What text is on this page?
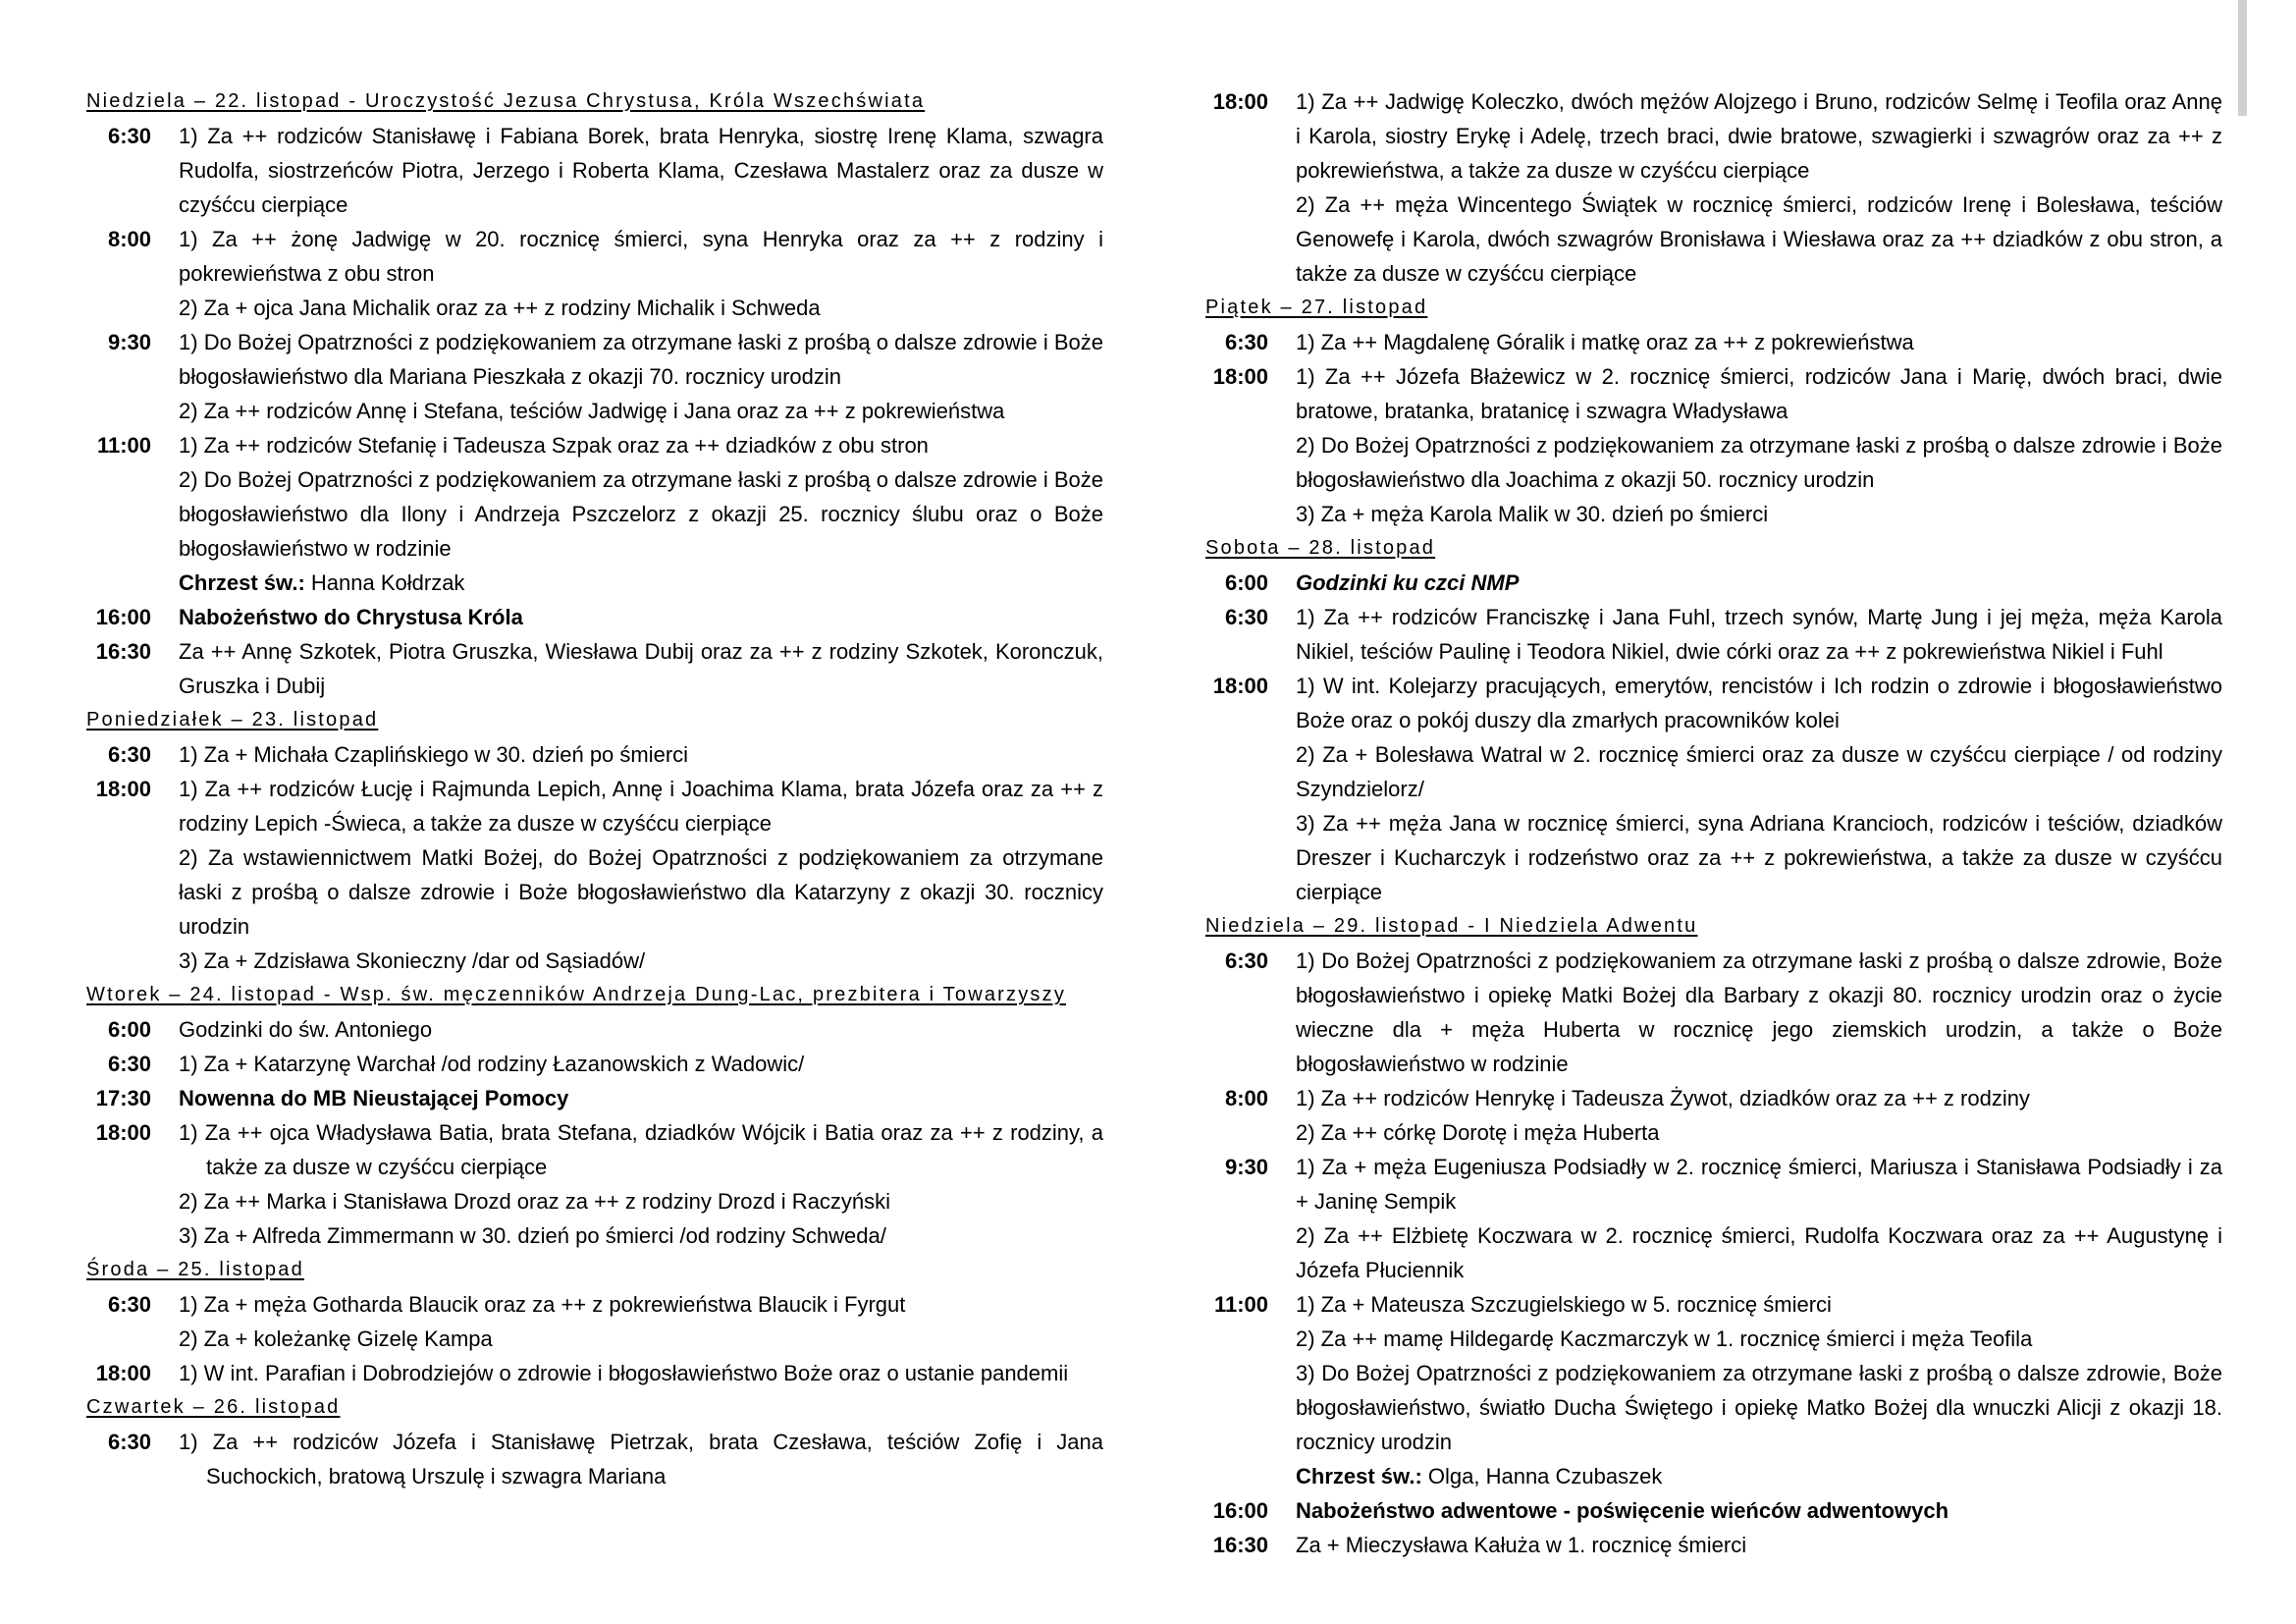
Niedziela – 22. listopad - Uroczystość Jezusa Chrystusa, Króla Wszechświata
6:30	1) Za ++ rodziców Stanisławę i Fabiana Borek, brata Henryka, siostrę Irenę Klama, szwagra Rudolfa, siostrzeńców Piotra, Jerzego i Roberta Klama, Czesława Mastalerz oraz za dusze w czyśćcu cierpiące
8:00	1) Za ++ żonę Jadwigę w 20. rocznicę śmierci, syna Henryka oraz za ++ z rodziny i pokrewieństwa z obu stron
2) Za + ojca Jana Michalik oraz za ++ z rodziny Michalik i Schweda
9:30	1) Do Bożej Opatrzności z podziękowaniem za otrzymane łaski z prośbą o dalsze zdrowie i Boże błogosławieństwo dla Mariana Pieszkała z okazji 70. rocznicy urodzin
2) Za ++ rodziców Annę i Stefana, teściów Jadwigę i Jana oraz za ++ z pokrewieństwa
11:00	1) Za ++ rodziców Stefanię i Tadeusza Szpak oraz za ++ dziadków z obu stron
2) Do Bożej Opatrzności z podziękowaniem za otrzymane łaski z prośbą o dalsze zdrowie i Boże błogosławieństwo dla Ilony i Andrzeja Pszczelorz z okazji 25. rocznicy ślubu oraz o Boże błogosławieństwo w rodzinie
Chrzest św.: Hanna Kołdrzak
16:00	Nabożeństwo do Chrystusa Króla
16:30	Za ++ Annę Szkotek, Piotra Gruszka, Wiesława Dubij oraz za ++ z rodziny Szkotek, Koronczuk, Gruszka i Dubij
Poniedziałek – 23. listopad
6:30	1) Za + Michała Czaplińskiego w 30. dzień po śmierci
18:00	1) Za ++ rodziców Łucję i Rajmunda Lepich, Annę i Joachima Klama, brata Józefa oraz za ++ z rodziny Lepich -Świeca, a także za dusze w czyśćcu cierpiące
2) Za wstawiennictwem Matki Bożej, do Bożej Opatrzności z podziękowaniem za otrzymane łaski z prośbą o dalsze zdrowie i Boże błogosławieństwo dla Katarzyny z okazji 30. rocznicy urodzin
3) Za + Zdzisława Skonieczny /dar od Sąsiadów/
Wtorek – 24. listopad - Wsp. św. męczenników Andrzeja Dung-Lac, prezbitera i Towarzyszy
6:00	Godzinki do św. Antoniego
6:30	1) Za + Katarzynę Warchał /od rodziny Łazanowskich z Wadowic/
17:30	Nowenna do MB Nieustającej Pomocy
18:00	1) Za ++ ojca Władysława Batia, brata Stefana, dziadków Wójcik i Batia oraz za ++ z rodziny, a także za dusze w czyśćcu cierpiące
2) Za ++ Marka i Stanisława Drozd oraz za ++ z rodziny Drozd i Raczyński
3) Za + Alfreda Zimmermann w 30. dzień po śmierci /od rodziny Schweda/
Środa – 25. listopad
6:30	1) Za + męża Gotharda Blaucik oraz za ++ z pokrewieństwa Blaucik i Fyrgut
2) Za + koleżankę Gizelę Kampa
18:00	1) W int. Parafian i Dobrodziejów o zdrowie i błogosławieństwo Boże oraz o ustanie pandemii
Czwartek – 26. listopad
6:30	1) Za ++ rodziców Józefa i Stanisławę Pietrzak, brata Czesława, teściów Zofię i Jana Suchockich, bratową Urszulę i szwagra Mariana
18:00	1) Za ++ Jadwigę Koleczko, dwóch mężów Alojzego i Bruno, rodziców Selmę i Teofila oraz Annę i Karola, siostry Erykę i Adelę, trzech braci, dwie bratowe, szwagierki i szwagrów oraz za ++ z pokrewieństwa, a także za dusze w czyśćcu cierpiące
2) Za ++ męża Wincentego Świątek w rocznicę śmierci, rodziców Irenę i Bolesława, teściów Genowefę i Karola, dwóch szwagrów Bronisława i Wiesława oraz za ++ dziadków z obu stron, a także za dusze w czyśćcu cierpiące
Piątek – 27. listopad
6:30	1) Za ++ Magdalenę Góralik i matkę oraz za ++ z pokrewieństwa
18:00	1) Za ++ Józefa Błażewicz w 2. rocznicę śmierci, rodziców Jana i Marię, dwóch braci, dwie bratowe, bratanka, bratanicę i szwagra Władysława
2) Do Bożej Opatrzności z podziękowaniem za otrzymane łaski z prośbą o dalsze zdrowie i Boże błogosławieństwo dla Joachima z okazji 50. rocznicy urodzin
3) Za + męża Karola Malik w 30. dzień po śmierci
Sobota – 28. listopad
6:00	Godzinki ku czci NMP
6:30	1) Za ++ rodziców Franciszkę i Jana Fuhl, trzech synów, Martę Jung i jej męża, męża Karola Nikiel, teściów Paulinę i Teodora Nikiel, dwie córki oraz za ++ z pokrewieństwa Nikiel i Fuhl
18:00	1) W int. Kolejarzy pracujących, emerytów, rencistów i Ich rodzin o zdrowie i błogosławieństwo Boże oraz o pokój duszy dla zmarłych pracowników kolei
2) Za + Bolesława Watral w 2. rocznicę śmierci oraz za dusze w czyśćcu cierpiące / od rodziny Szyndzielorz/
3) Za ++ męża Jana w rocznicę śmierci, syna Adriana Krancioch, rodziców i teściów, dziadków Dreszer i Kucharczyk i rodzeństwo oraz za ++ z pokrewieństwa, a także za dusze w czyśćcu cierpiące
Niedziela – 29. listopad - I Niedziela Adwentu
6:30	1) Do Bożej Opatrzności z podziękowaniem za otrzymane łaski z prośbą o dalsze zdrowie, Boże błogosławieństwo i opiekę Matki Bożej dla Barbary z okazji 80. rocznicy urodzin oraz o życie wieczne dla + męża Huberta w rocznicę jego ziemskich urodzin, a także o Boże błogosławieństwo w rodzinie
8:00	1) Za ++ rodziców Henrykę i Tadeusza Żywot, dziadków oraz za ++ z rodziny
2) Za ++ córkę Dorotę i męża Huberta
9:30	1) Za + męża Eugeniusza Podsiadły w 2. rocznicę śmierci, Mariusza i Stanisława Podsiadły i za + Janinę Sempik
2) Za ++ Elżbietę Koczwara w 2. rocznicę śmierci, Rudolfa Koczwara oraz za ++ Augustynę i Józefa Płuciennik
11:00	1) Za + Mateusza Szczugielskiego w 5. rocznicę śmierci
2) Za ++ mamę Hildegardę Kaczmarczyk w 1. rocznicę śmierci i męża Teofila
3) Do Bożej Opatrzności z podziękowaniem za otrzymane łaski z prośbą o dalsze zdrowie, Boże błogosławieństwo, światło Ducha Świętego i opiekę Matko Bożej dla wnuczki Alicji z okazji 18. rocznicy urodzin
Chrzest św.: Olga, Hanna Czubaszek
16:00	Nabożeństwo adwentowe - poświęcenie wieńców adwentowych
16:30	Za + Mieczysława Kałuża w 1. rocznicę śmierci
